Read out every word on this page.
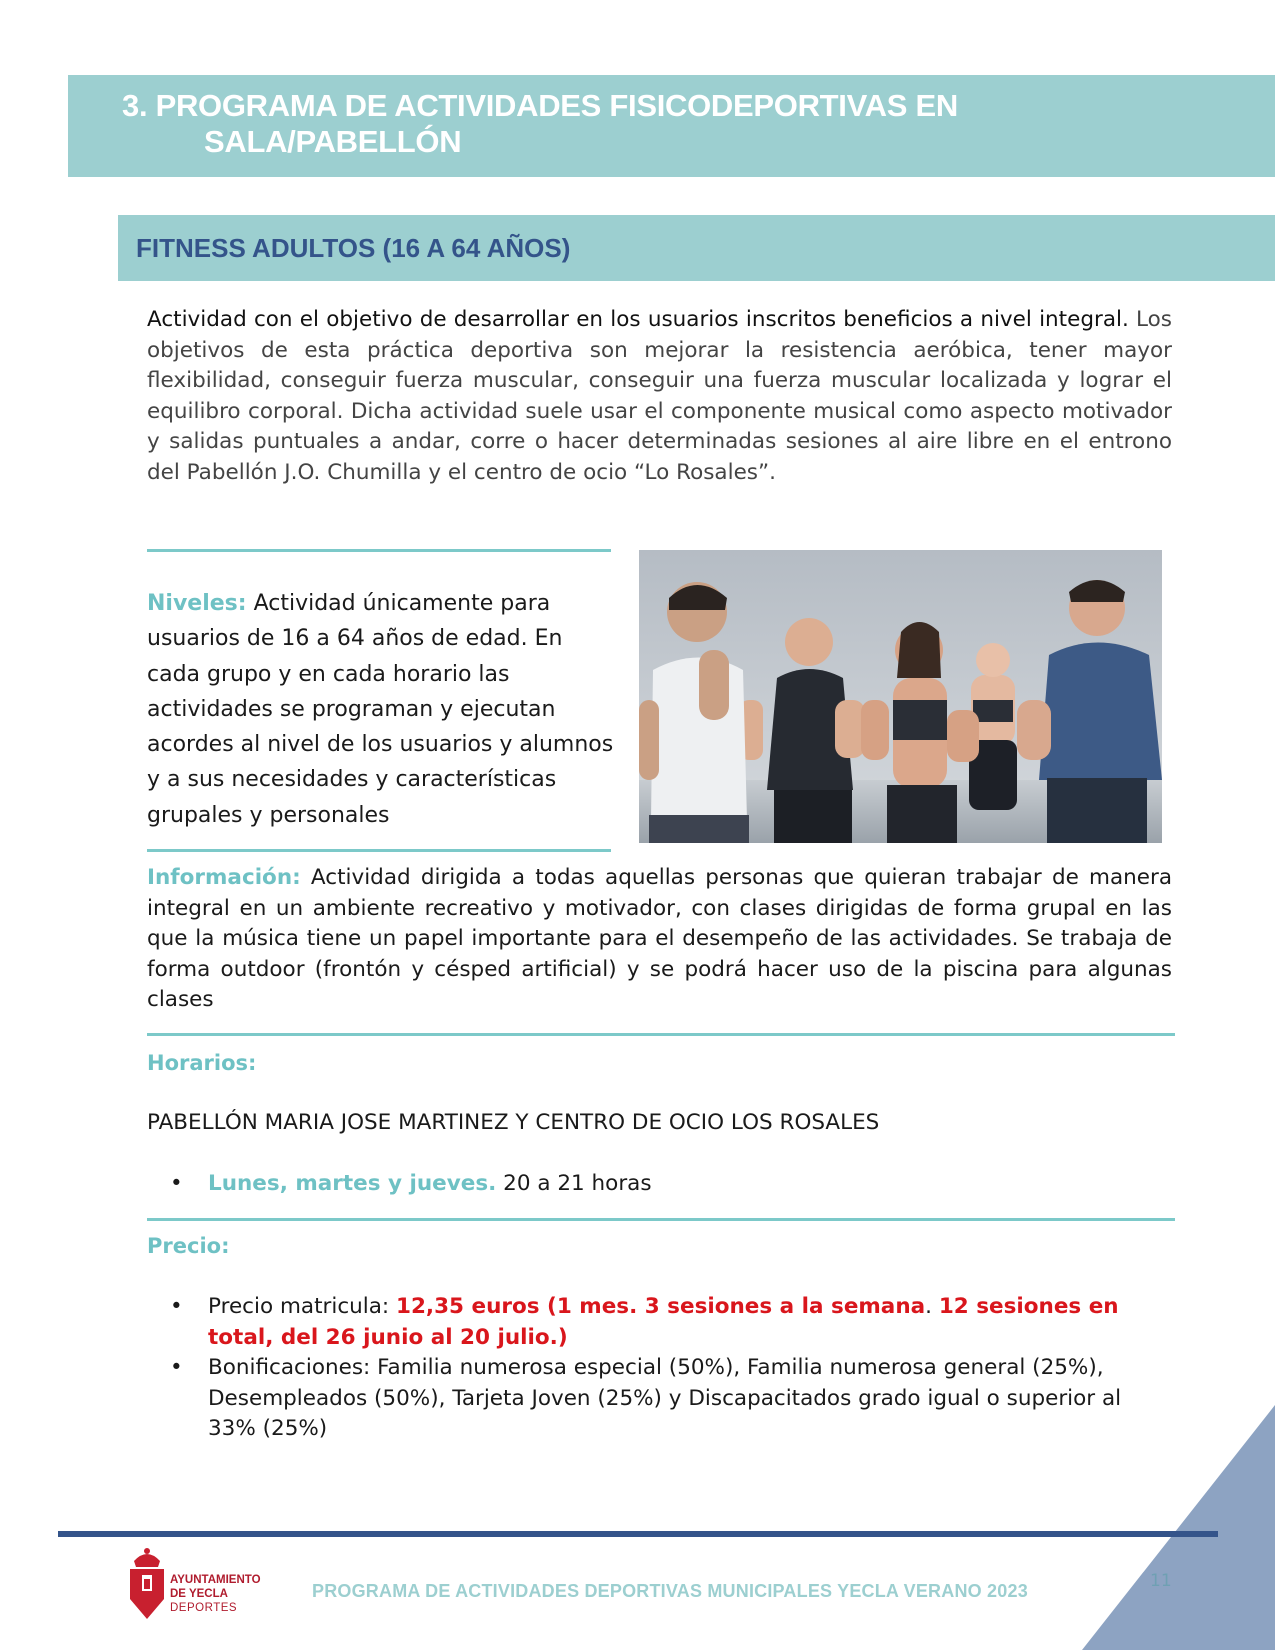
3. PROGRAMA DE ACTIVIDADES FISICODEPORTIVAS EN
SALA/PABELLÓN
FITNESS ADULTOS (16 A 64 AÑOS)

Actividad con el objetivo de desarrollar en los usuarios inscritos beneficios a nivel integral. Los objetivos de esta práctica deportiva son mejorar la resistencia aeróbica, tener mayor flexibilidad, conseguir fuerza muscular, conseguir una fuerza muscular localizada y lograr el equilibro corporal. Dicha actividad suele usar el componente musical como aspecto motivador y salidas puntuales a andar, corre o hacer determinadas sesiones al aire libre en el entrono del Pabellón J.O. Chumilla y el centro de ocio “Lo Rosales”.

Niveles: Actividad únicamente para usuarios de 16 a 64 años de edad. En cada grupo y en cada horario las actividades se programan y ejecutan acordes al nivel de los usuarios y alumnos y a sus necesidades y características grupales y personales

Información: Actividad dirigida a todas aquellas personas que quieran trabajar de manera integral en un ambiente recreativo y motivador, con clases dirigidas de forma grupal en las que la música tiene un papel importante para el desempeño de las actividades. Se trabaja de forma outdoor (frontón y césped artificial) y se podrá hacer uso de la piscina para algunas clases

Horarios:

PABELLÓN MARIA JOSE MARTINEZ Y CENTRO DE OCIO LOS ROSALES

• Lunes, martes y jueves. 20 a 21 horas
Precio:
• Precio matricula: 12,35 euros (1 mes. 3 sesiones a la semana. 12 sesiones en total, del 26 junio al 20 julio.)
• Bonificaciones: Familia numerosa especial (50%), Familia numerosa general (25%), Desempleados (50%), Tarjeta Joven (25%) y Discapacitados grado igual o superior al 33% (25%)
AYUNTAMIENTO
DE YECLA
DEPORTES
PROGRAMA DE ACTIVIDADES DEPORTIVAS MUNICIPALES YECLA VERANO 2023	11
